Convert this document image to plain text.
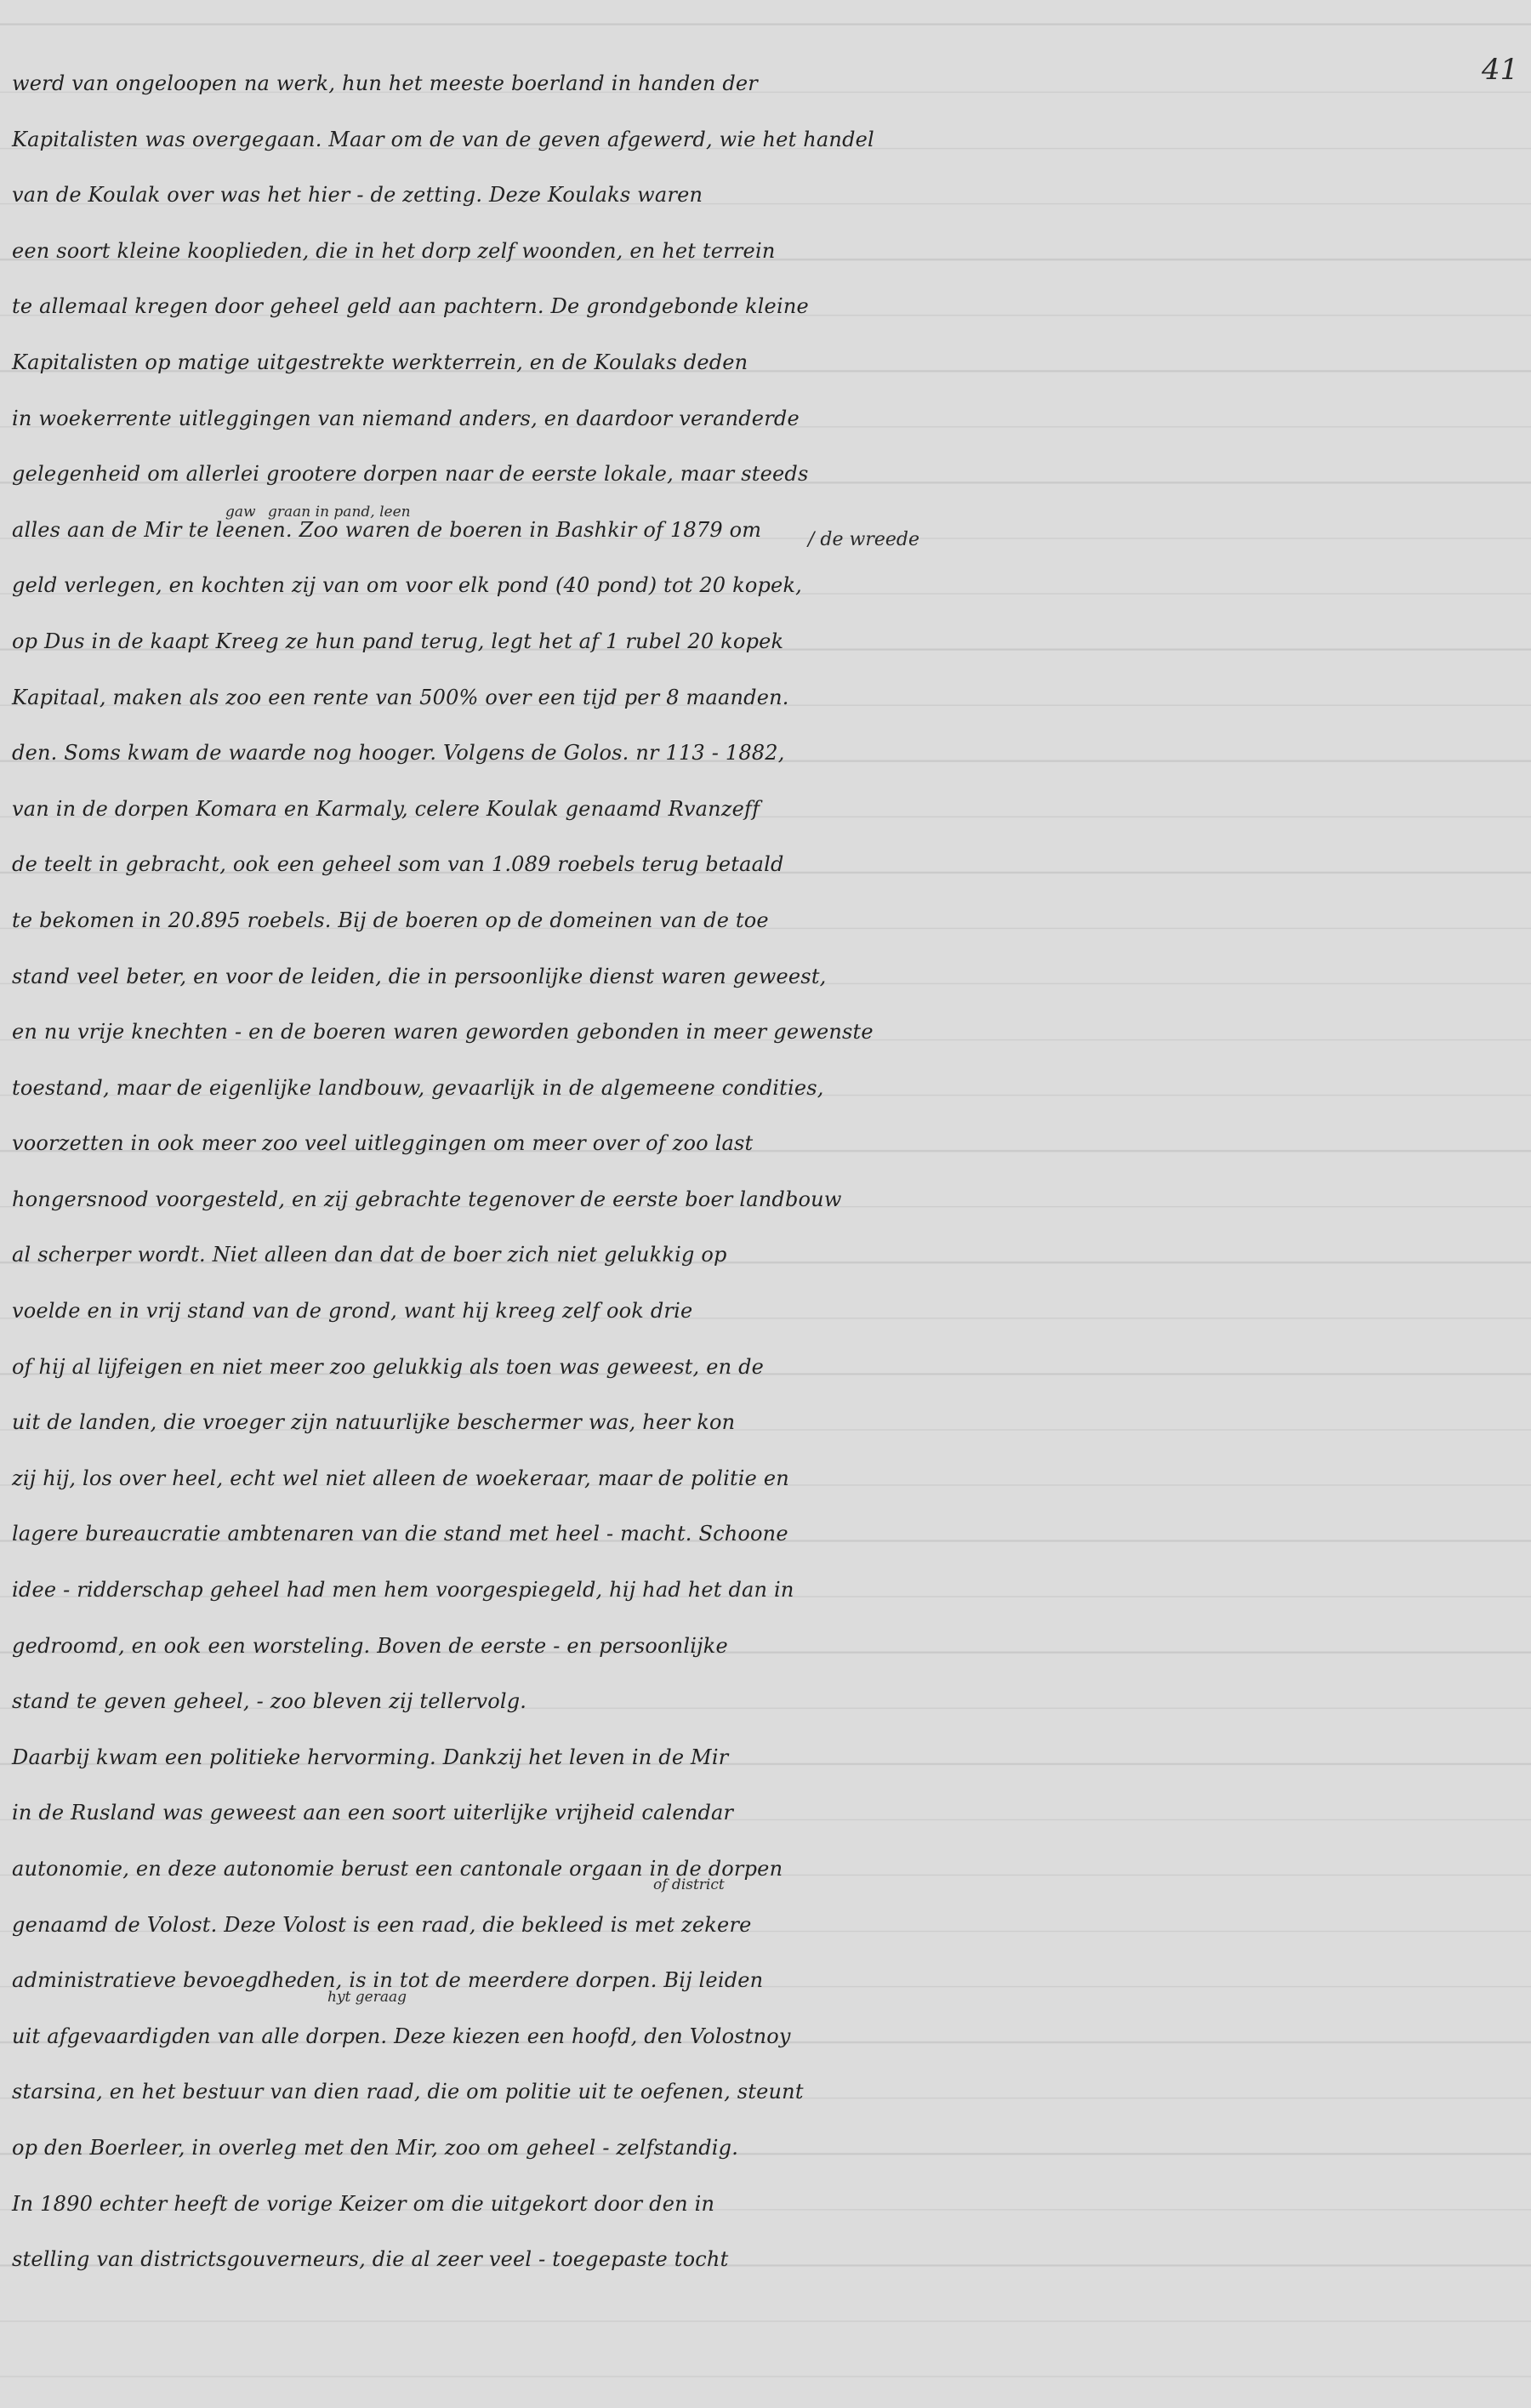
41
/ de wreede
gaw graan in pand, leen
of district
hyt geraag
werd van ongeloopen na werk, hun het meeste boerland in handen der
Kapitalisten was overgegaan. Maar om de van de geven afgewerd, wie het handel
van de Koulak over was het hier - de zetting. Deze Koulaks waren
een soort kleine kooplieden, die in het dorp zelf woonden, en het terrein
te allemaal kregen door geheel geld aan pachtern. De grondgebonde kleine
Kapitalisten op matige uitgestrekte werkterrein, en de Koulaks deden
in woekerrente uitleggingen van niemand anders, en daardoor veranderde
gelegenheid om allerlei grootere dorpen naar de eerste lokale, maar steeds
alles aan de Mir te leenen. Zoo waren de boeren in Bashkir of 1879 om
geld verlegen, en kochten zij van om voor elk pond (40 pond) tot 20 kopek,
op Dus in de kaapt Kreeg ze hun pand terug, legt het af 1 rubel 20 kopek
Kapitaal, maken als zoo een rente van 500% over een tijd per 8 maanden.
den. Soms kwam de waarde nog hooger. Volgens de Golos. nr 113 - 1882,
van in de dorpen Komara en Karmaly, celere Koulak genaamd Rvanzeff
de teelt in gebracht, ook een geheel som van 1.089 roebels terug betaald
te bekomen in 20.895 roebels. Bij de boeren op de domeinen van de toe
stand veel beter, en voor de leiden, die in persoonlijke dienst waren geweest,
en nu vrije knechten - en de boeren waren geworden gebonden in meer gewenste
toestand, maar de eigenlijke landbouw, gevaarlijk in de algemeene condities,
voorzetten in ook meer zoo veel uitleggingen om meer over of zoo last
hongersnood voorgesteld, en zij gebrachte tegenover de eerste boer landbouw
al scherper wordt. Niet alleen dan dat de boer zich niet gelukkig op
voelde en in vrij stand van de grond, want hij kreeg zelf ook drie
of hij al lijfeigen en niet meer zoo gelukkig als toen was geweest, en de
uit de landen, die vroeger zijn natuurlijke beschermer was, heer kon
zij hij, los over heel, echt wel niet alleen de woekeraar, maar de politie en
lagere bureaucratie ambtenaren van die stand met heel - macht. Schoone
idee - ridderschap geheel had men hem voorgespiegeld, hij had het dan in
gedroomd, en ook een worsteling. Boven de eerste - en persoonlijke
stand te geven geheel, - zoo bleven zij tellervolg.
Daarbij kwam een politieke hervorming. Dankzij het leven in de Mir
in de Rusland was geweest aan een soort uiterlijke vrijheid calendar
autonomie, en deze autonomie berust een cantonale orgaan in de dorpen
genaamd de Volost. Deze Volost is een raad, die bekleed is met zekere
administratieve bevoegdheden, is in tot de meerdere dorpen. Bij leiden
uit afgevaardigden van alle dorpen. Deze kiezen een hoofd, den Volostnoy
starsina, en het bestuur van dien raad, die om politie uit te oefenen, steunt
op den Boerleer, in overleg met den Mir, zoo om geheel - zelfstandig.
In 1890 echter heeft de vorige Keizer om die uitgekort door den in
stelling van districtsgouverneurs, die al zeer veel - toegepaste tocht
